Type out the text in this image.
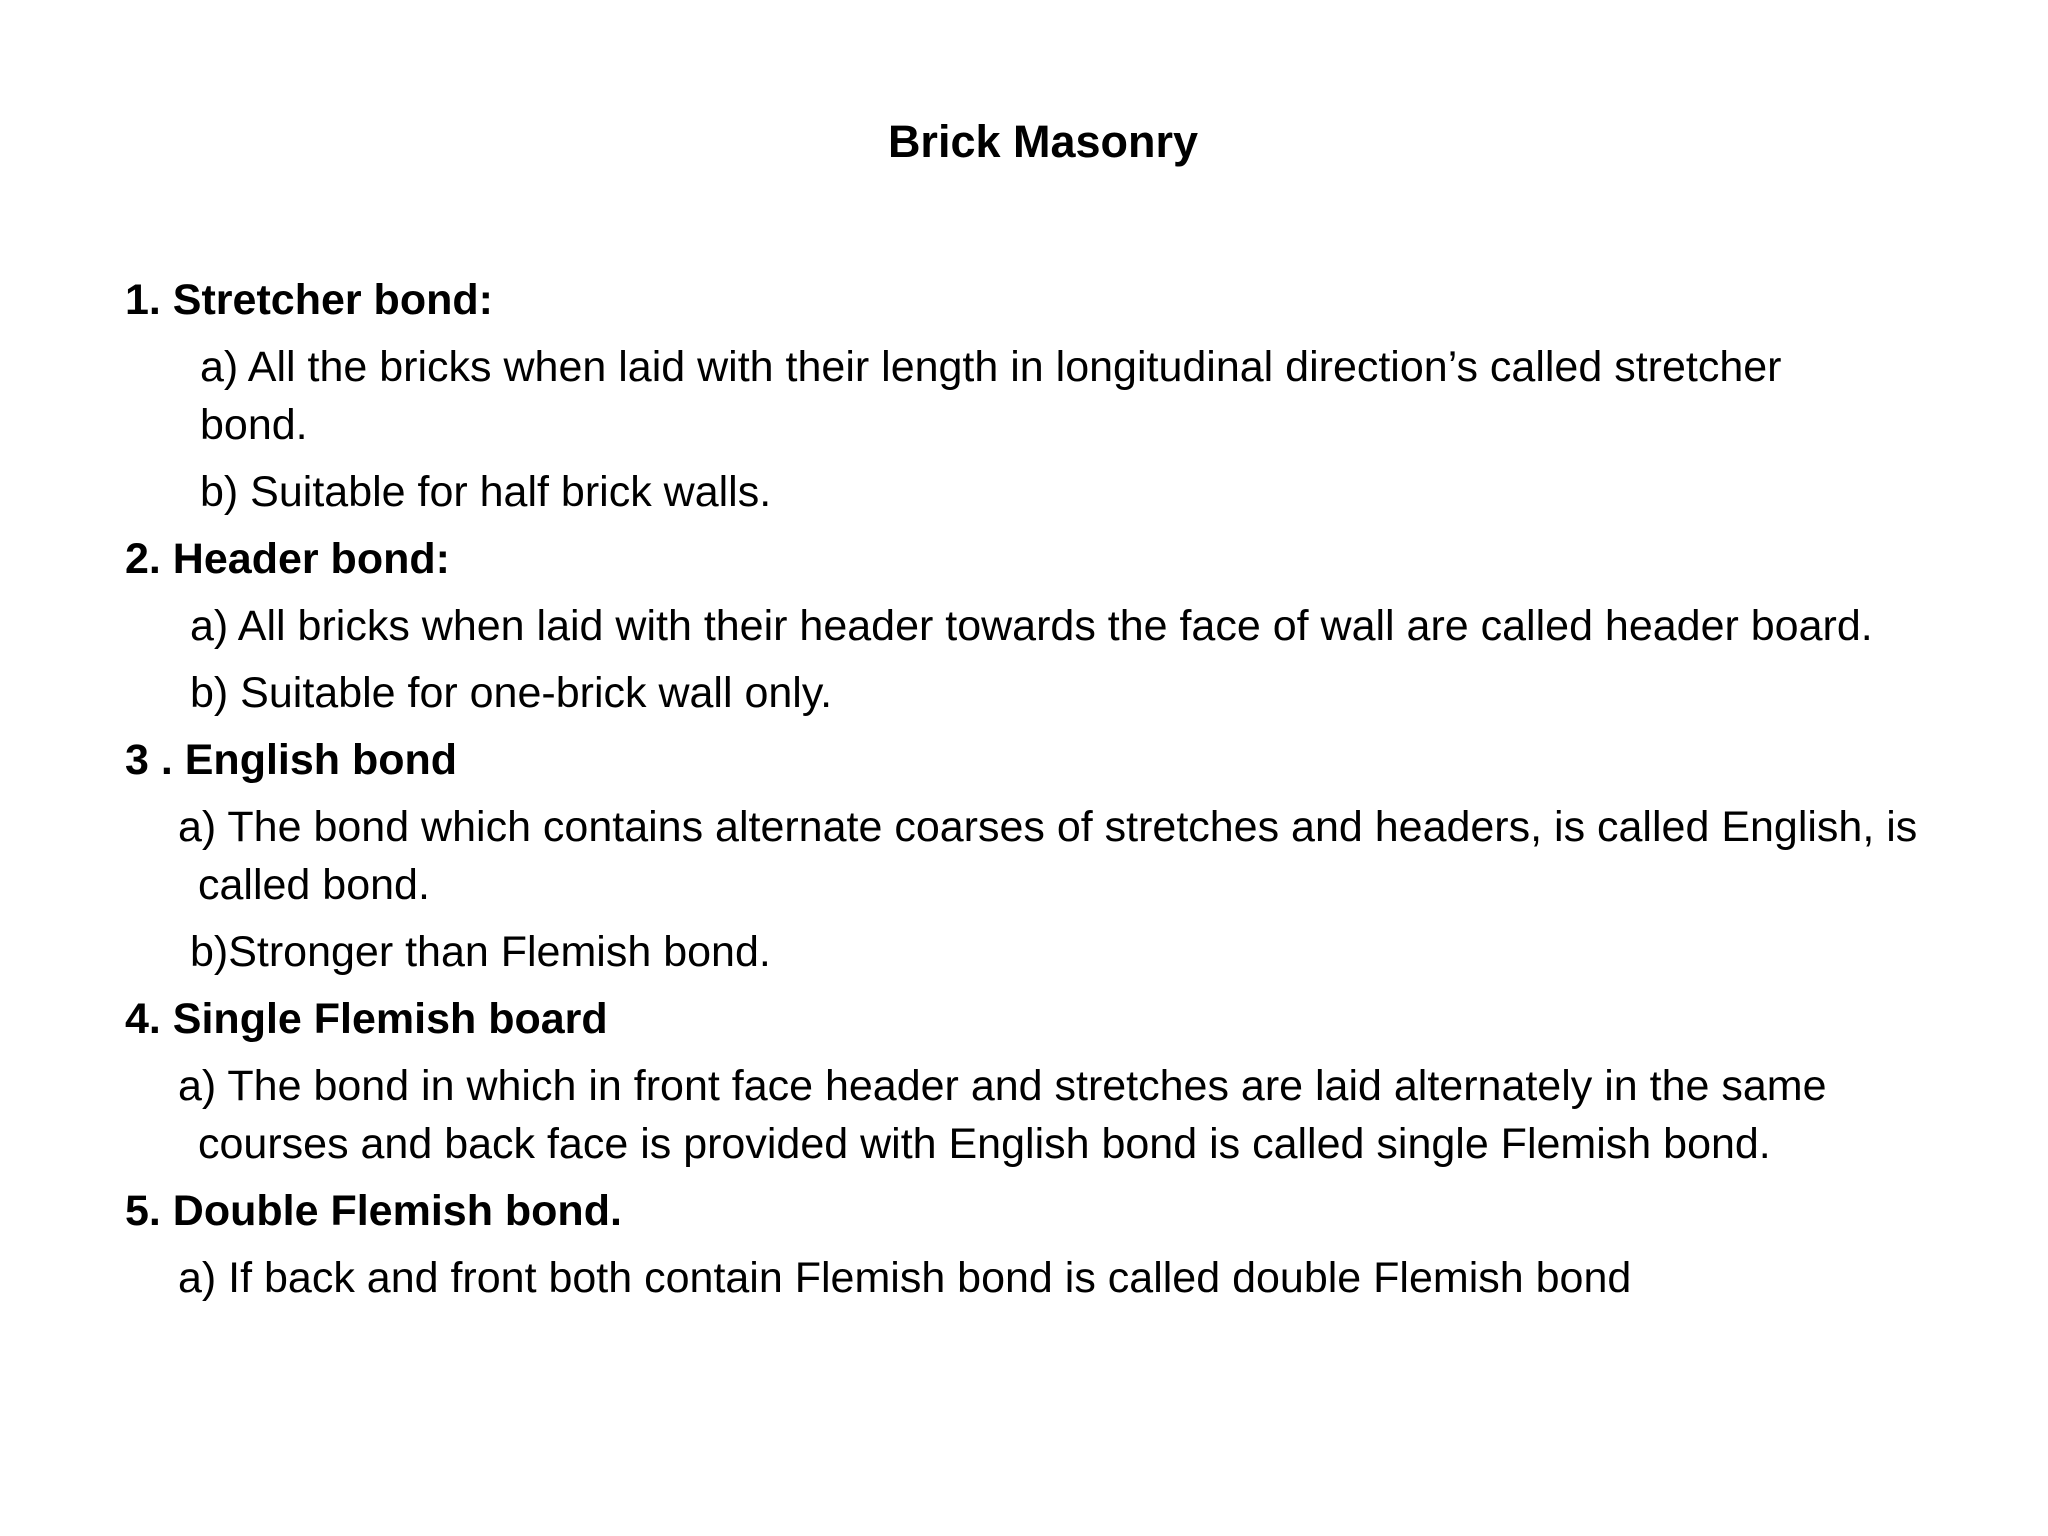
Brick Masonry
1. Stretcher bond:
a) All the bricks when laid with their length in longitudinal direction’s called stretcher
bond.
b) Suitable for half brick walls.
2. Header bond:
a) All bricks when laid with their header towards the face of wall are called header board.
b) Suitable for one-brick wall only.
3 . English bond
a) The bond which contains alternate coarses of stretches and headers, is called English, is
called bond.
b)Stronger than Flemish bond.
4. Single Flemish board
a) The bond in which in front face header and stretches are laid alternately in the same
courses and back face is provided with English bond is called single Flemish bond.
5. Double Flemish bond.
a) If back and front both contain Flemish bond is called double Flemish bond
